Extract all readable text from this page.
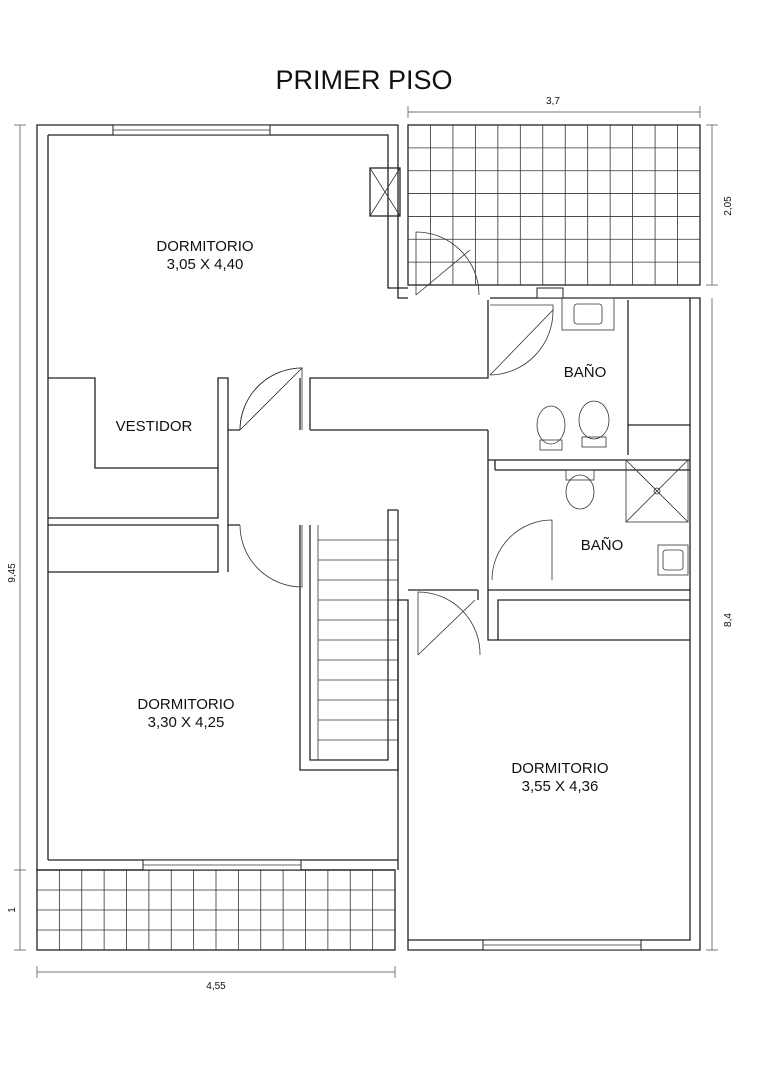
PRIMER PISO
3,7
2,05
8,4
9,45
1
4,55
DORMITORIO
3,05 X 4,40
VESTIDOR
BAÑO
BAÑO
DORMITORIO
3,30 X 4,25
DORMITORIO
3,55 X 4,36
